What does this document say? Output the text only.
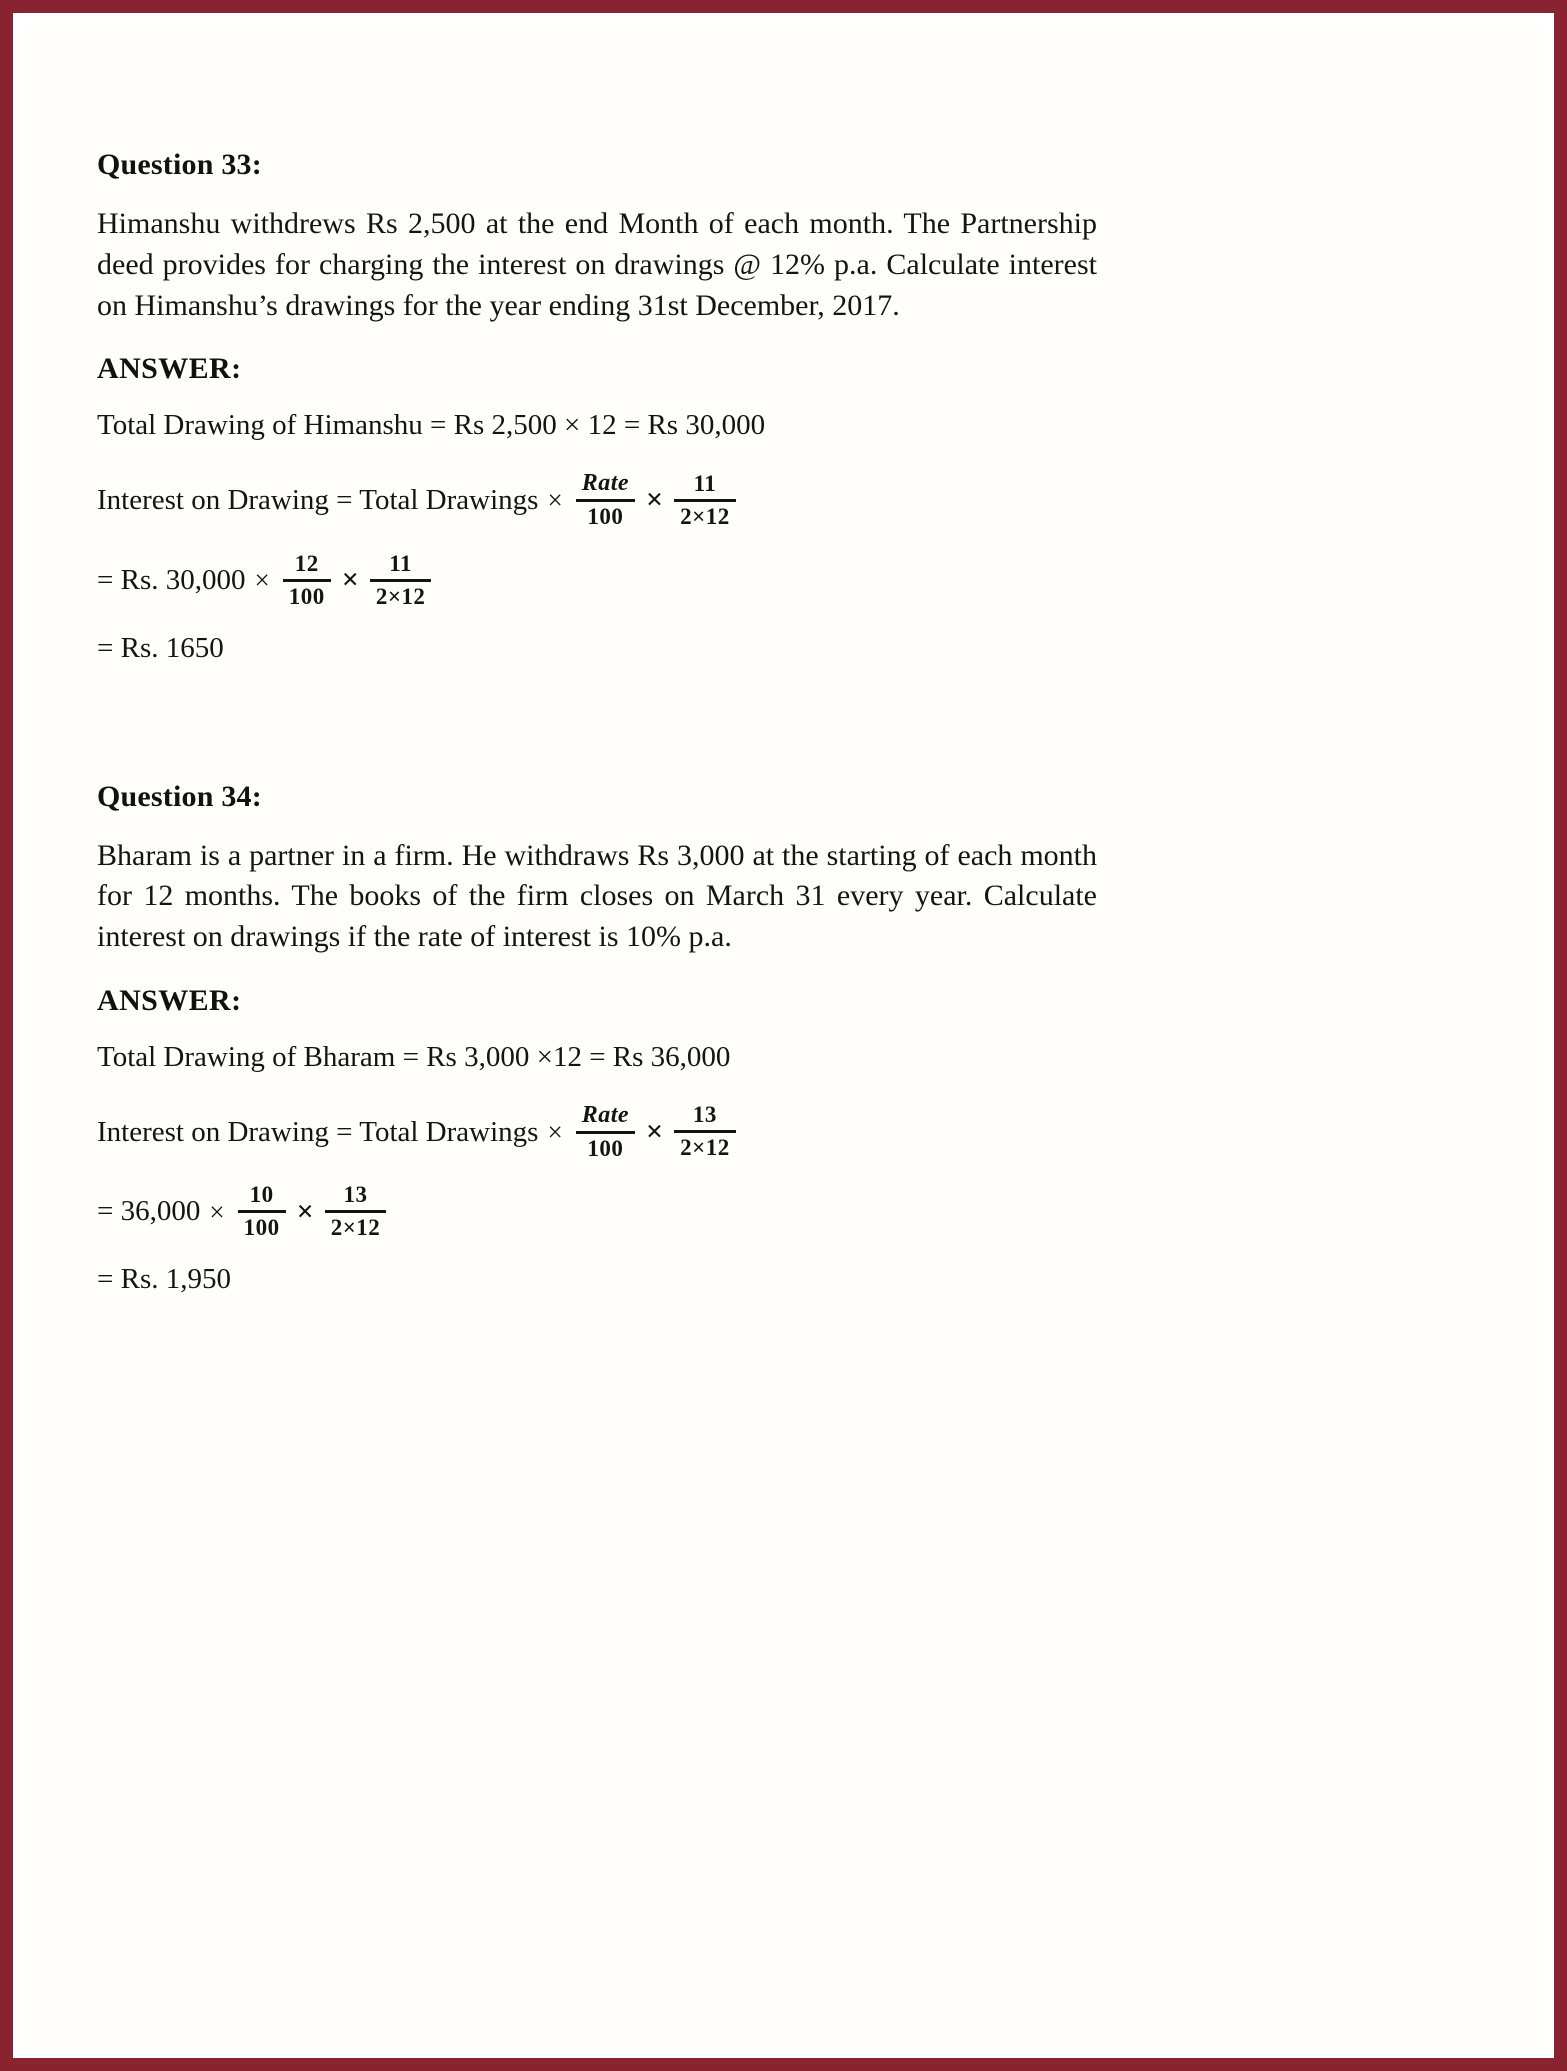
Question 33:
Himanshu withdrews Rs 2,500 at the end Month of each month. The Partnership deed provides for charging the interest on drawings @ 12% p.a. Calculate interest on Himanshu’s drawings for the year ending 31st December, 2017.
ANSWER:
Total Drawing of Himanshu = Rs 2,500 × 12 = Rs 30,000
Interest on Drawing = Total Drawings × $\frac{\text{Rate}}{100} \times \frac{11}{2\times 12}$
= Rs. $30,000 \times \frac{12}{100} \times \frac{11}{2\times 12}$
= Rs. 1650
Question 34:
Bharam is a partner in a firm. He withdraws Rs 3,000 at the starting of each month for 12 months. The books of the firm closes on March 31 every year. Calculate interest on drawings if the rate of interest is 10% p.a.
ANSWER:
Total Drawing of Bharam = Rs 3,000 ×12 = Rs 36,000
Interest on Drawing = Total Drawings × $\frac{\text{Rate}}{100} \times \frac{13}{2\times 12}$
= $36,000 \times \frac{10}{100} \times \frac{13}{2\times 12}$
= Rs. 1,950
